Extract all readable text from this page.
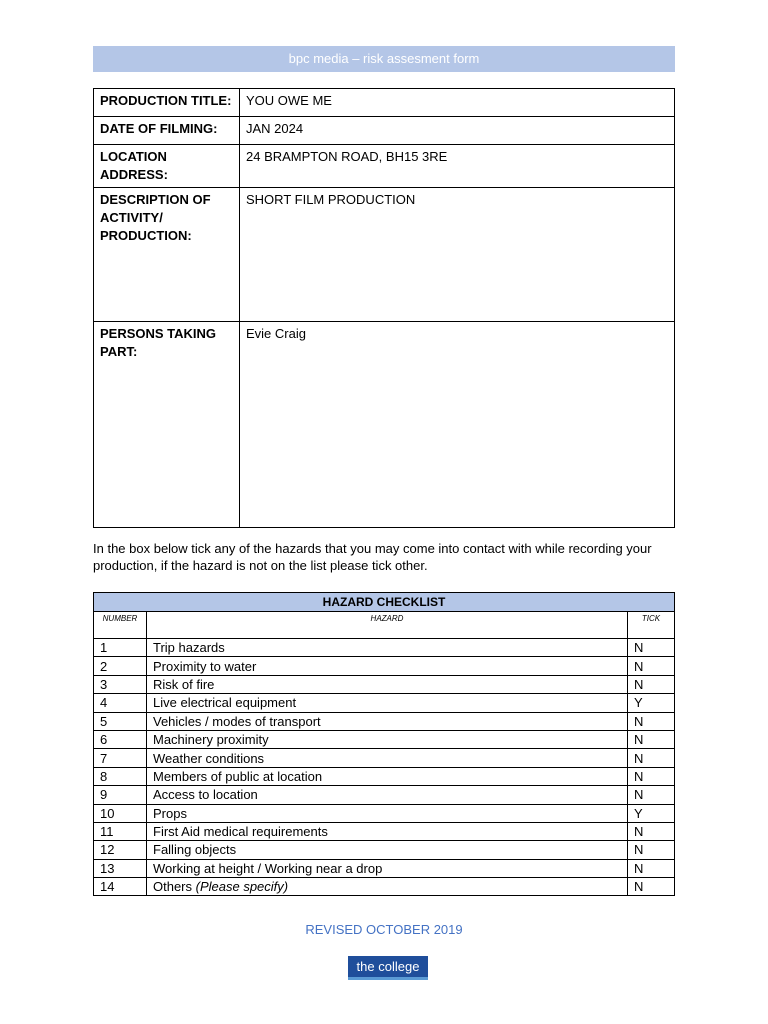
bpc media – risk assesment form
PRODUCTION TITLE:	YOU OWE ME
DATE OF FILMING:	JAN 2024
LOCATION ADDRESS:	24 BRAMPTON ROAD, BH15 3RE
DESCRIPTION OF ACTIVITY/ PRODUCTION:	SHORT FILM PRODUCTION
PERSONS TAKING PART:	Evie Craig
In the box below tick any of the hazards that you may come into contact with while recording your production, if the hazard is not on the list please tick other.
HAZARD CHECKLIST		
NUMBER	HAZARD	TICK
1	Trip hazards	N
2	Proximity to water	N
3	Risk of fire	N
4	Live electrical equipment	Y
5	Vehicles / modes of transport	N
6	Machinery proximity	N
7	Weather conditions	N
8	Members of public at location	N
9	Access to location	N
10	Props	Y
11	First Aid medical requirements	N
12	Falling objects	N
13	Working at height / Working near a drop	N
14	Others (Please specify)	N
REVISED OCTOBER 2019
the college
